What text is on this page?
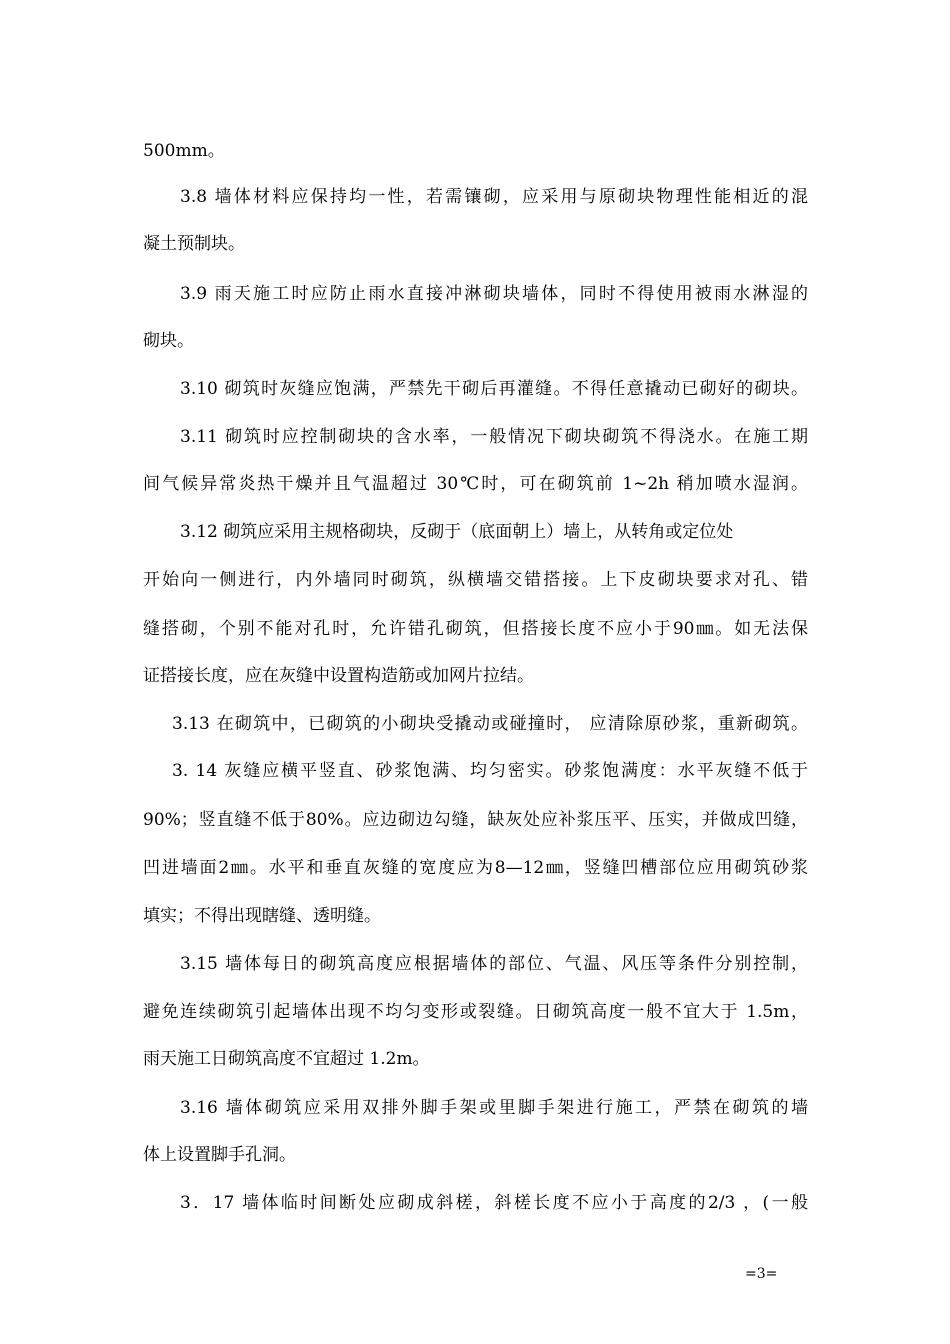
500mm。
3.8 墙体材料应保持均一性，若需镶砌，应采用与原砌块物理性能相近的混
凝土预制块。
3.9 雨天施工时应防止雨水直接冲淋砌块墙体，同时不得使用被雨水淋湿的
砌块。
3.10 砌筑时灰缝应饱满，严禁先干砌后再灌缝。不得任意撬动已砌好的砌块。
3.11 砌筑时应控制砌块的含水率，一般情况下砌块砌筑不得浇水。在施工期
间气候异常炎热干燥并且气温超过 30℃时，可在砌筑前 1~2h 稍加喷水湿润。
3.12 砌筑应采用主规格砌块，反砌于（底面朝上）墙上，从转角或定位处
开始向一侧进行，内外墙同时砌筑，纵横墙交错搭接。上下皮砌块要求对孔、错
缝搭砌，个别不能对孔时，允许错孔砌筑，但搭接长度不应小于90㎜。如无法保
证搭接长度，应在灰缝中设置构造筋或加网片拉结。
3.13 在砌筑中，已砌筑的小砌块受撬动或碰撞时， 应清除原砂浆，重新砌筑。
3. 14 灰缝应横平竖直、砂浆饱满、均匀密实。砂浆饱满度：水平灰缝不低于
90%；竖直缝不低于80%。应边砌边勾缝，缺灰处应补浆压平、压实，并做成凹缝，
凹进墙面2㎜。水平和垂直灰缝的宽度应为8—12㎜，竖缝凹槽部位应用砌筑砂浆
填实；不得出现瞎缝、透明缝。
3.15 墙体每日的砌筑高度应根据墙体的部位、气温、风压等条件分别控制，
避免连续砌筑引起墙体出现不均匀变形或裂缝。日砌筑高度一般不宜大于 1.5m，
雨天施工日砌筑高度不宜超过 1.2m。
3.16 墙体砌筑应采用双排外脚手架或里脚手架进行施工，严禁在砌筑的墙
体上设置脚手孔洞。
3．17 墙体临时间断处应砌成斜槎，斜槎长度不应小于高度的2/3 ，(一般
=3=
